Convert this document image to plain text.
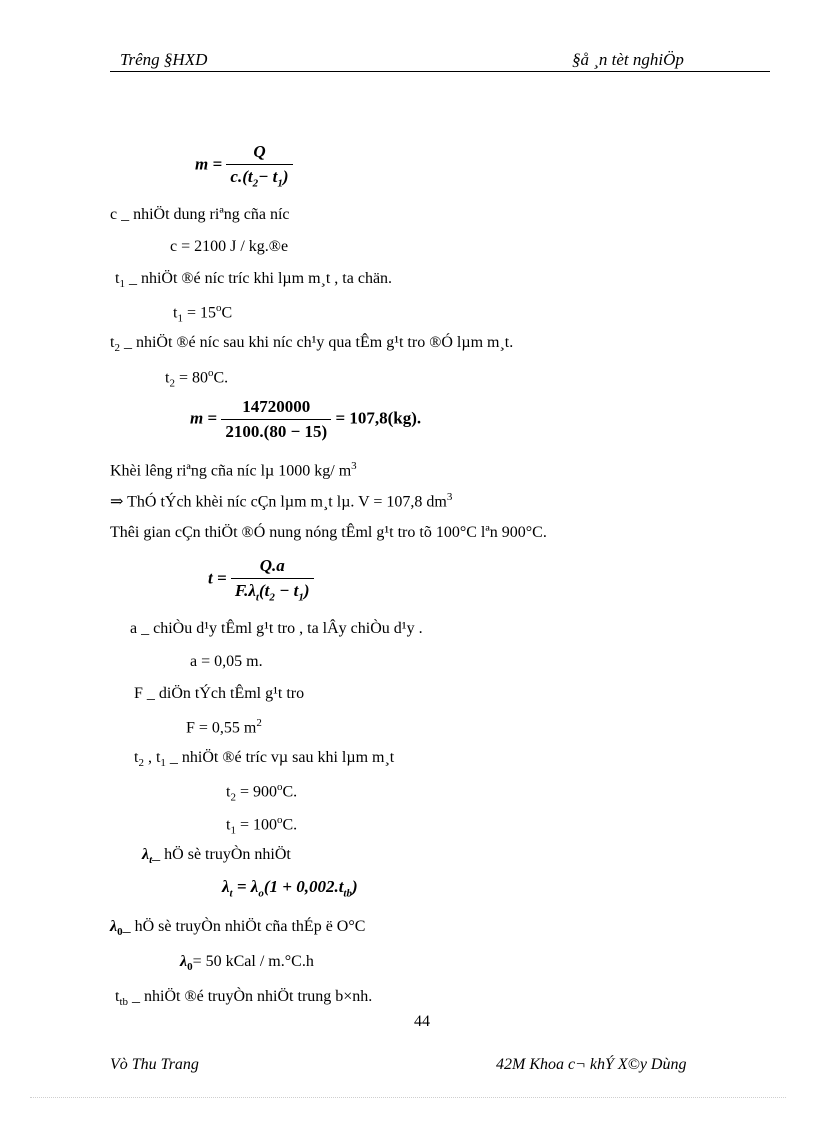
Trêng §HXD	§å ¸n tèt nghiÖp
$m = \frac{Q}{c.(t_2- t_1)}$
c _ nhiÖt dung riªng cña níc
c = 2100 J / kg.®e
$t_1$ _ nhiÖt ®é níc tríc khi lµm m¸t , ta chän.
$t_1 = 15^oC$
$t_2$ _ nhiÖt ®é níc sau khi níc ch¹y qua tÊm g¹t tro ®Ó lµm m¸t.
$t_2 = 80^oC$.
$m = \frac{14720000}{2100.(80 - 15)} = 107,8(kg)$.
Khèi lêng riªng cña níc lµ 1000 kg/ $m^3$
⇒ ThÓ tÝch khèi níc cÇn lµm m¸t lµ. V = 107,8 $dm^3$
Thêi gian cÇn thiÖt ®Ó nung nóng tÊml g¹t tro tõ 100°C lªn 900°C.
$t = \frac{Q.a}{F.\lambda_t(t_2 - t_1)}$
a _ chiÒu d¹y tÊml g¹t tro , ta lÂy chiÒu d¹y .
a = 0,05 m.
F _ diÖn tÝch tÊml g¹t tro
F = 0,55 $m^2$
$t_2$ , $t_1$ _ nhiÖt ®é tríc vµ sau khi lµm m¸t
$t_2 = 900^oC$.
$t_1 = 100^oC$.
$\lambda_t\_$ hÖ sè truyÒn nhiÖt
$\lambda_t = \lambda_o(1 + 0,002.t_{tb})$
$\lambda_0\_$ hÖ sè truyÒn nhiÖt cña thÉp ë O°C
$\lambda_0= 50$ kCal / m.°C.h
$t_{tb}$ _ nhiÖt ®é truyÒn nhiÖt trung b×nh.
44
Vò Thu Trang	42M Khoa c¬ khÝ X©y Dùng
